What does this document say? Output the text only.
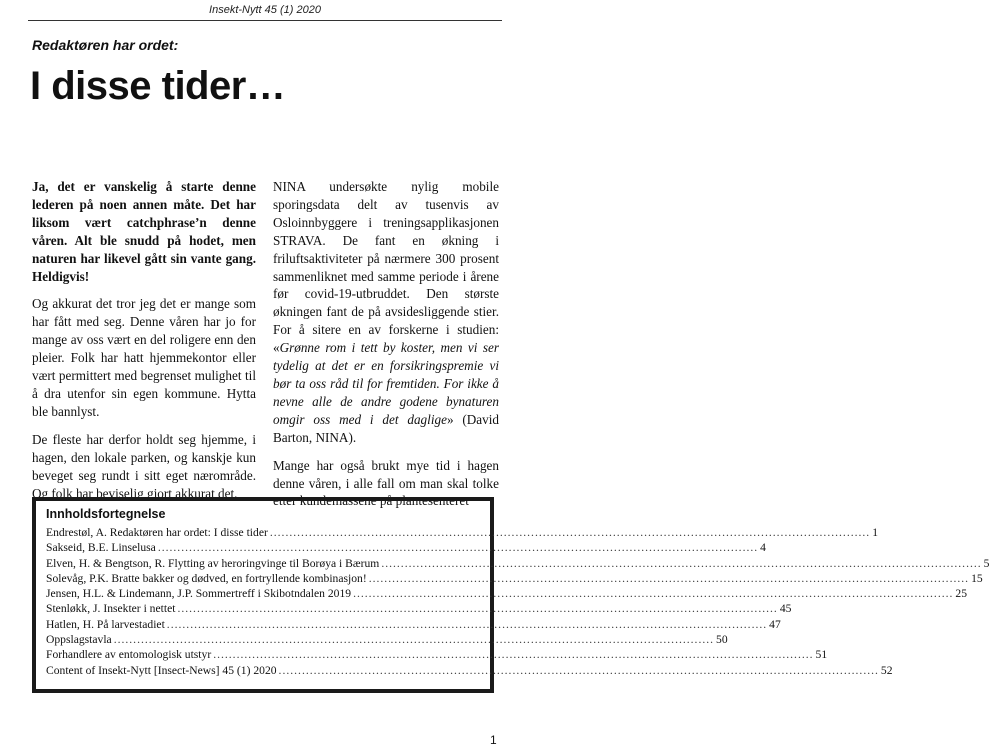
Insekt-Nytt 45 (1) 2020
Redaktøren har ordet:
I disse tider…

Ja, det er vanskelig å starte denne lederen på noen annen måte. Det har liksom vært catchphrase’n denne våren. Alt ble snudd på hodet, men naturen har likevel gått sin vante gang. Heldigvis!

Og akkurat det tror jeg det er mange som har fått med seg. Denne våren har jo for mange av oss vært en del roligere enn den pleier. Folk har hatt hjemmekontor eller vært permittert med begrenset mulighet til å dra utenfor sin egen kommune. Hytta ble bannlyst.

De fleste har derfor holdt seg hjemme, i hagen, den lokale parken, og kanskje kun beveget seg rundt i sitt eget nærområde. Og folk har beviselig gjort akkurat det.

NINA undersøkte nylig mobile sporingsdata delt av tusenvis av Osloinnbyggere i treningsapplikasjonen STRAVA. De fant en økning i friluftsaktiviteter på nærmere 300 prosent sammenliknet med samme periode i årene før covid-19-utbruddet. Den største økningen fant de på avsidesliggende stier. For å sitere en av forskerne i studien: «Grønne rom i tett by koster, men vi ser tydelig at det er en forsikringspremie vi bør ta oss råd til for fremtiden. For ikke å nevne alle de andre godene bynaturen omgir oss med i det daglige» (David Barton, NINA).

Mange har også brukt mye tid i hagen denne våren, i alle fall om man skal tolke etter kundemassene på plantesenteret

Innholdsfortegnelse
Endrestøl, A. Redaktøren har ordet: I disse tider .......................................................................................................................................................... 1
Sakseid, B.E. Linselusa .......................................................................................................................................................... 4
Elven, H. & Bengtson, R. Flytting av heroringvinge til Borøya i Bærum .......................................................................................................................................................... 5
Solevåg, P.K. Bratte bakker og dødved, en fortryllende kombinasjon! .......................................................................................................................................................... 15
Jensen, H.L. & Lindemann, J.P. Sommertreff i Skibotndalen 2019 .......................................................................................................................................................... 25
Stenløkk, J. Insekter i nettet .......................................................................................................................................................... 45
Hatlen, H. På larvestadiet .......................................................................................................................................................... 47
Oppslagstavla .......................................................................................................................................................... 50
Forhandlere av entomologisk utstyr .......................................................................................................................................................... 51
Content of Insekt-Nytt [Insect-News] 45 (1) 2020 .......................................................................................................................................................... 52
1
